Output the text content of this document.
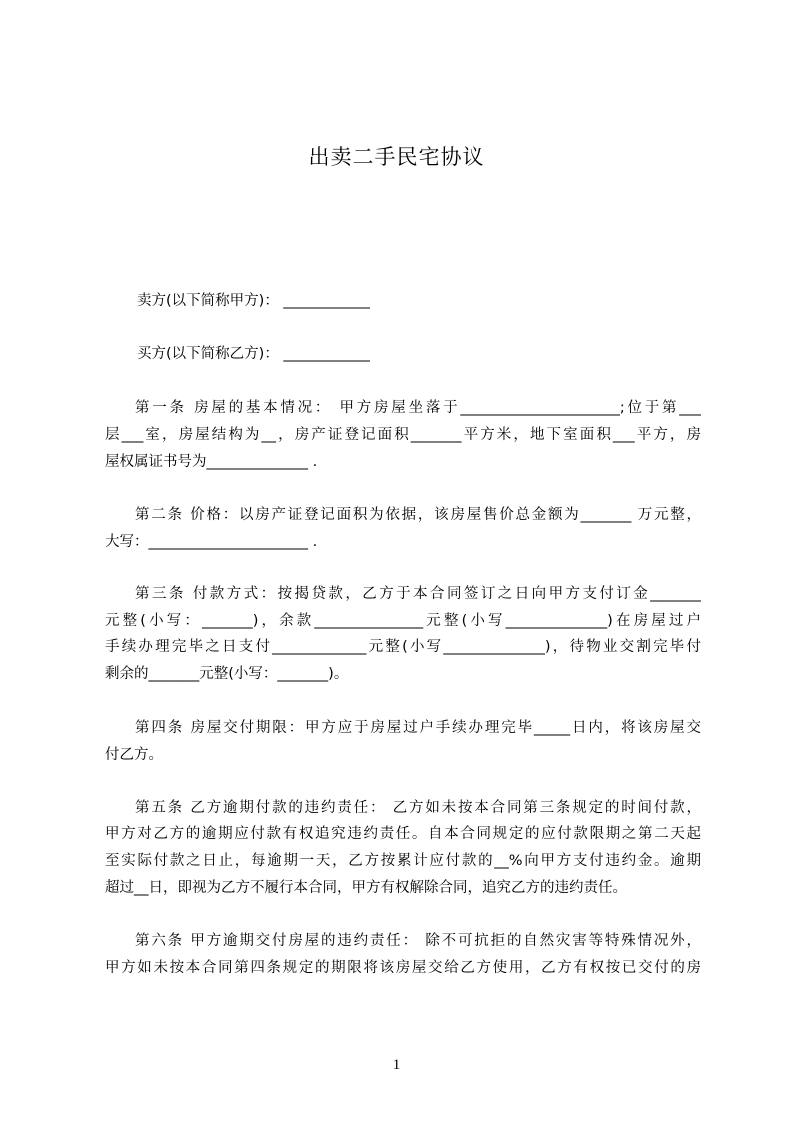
出卖二手民宅协议
卖方(以下简称甲方)： ____________
买方(以下简称乙方)： ____________
第一条 房屋的基本情况： 甲方房屋坐落于______________________;位于第___
层___室，房屋结构为__，房产证登记面积_______平方米，地下室面积___平方，房
屋权属证书号为______________ .
第二条 价格：以房产证登记面积为依据，该房屋售价总金额为_______ 万元整，
大写：______________________ .
第三条 付款方式：按揭贷款，乙方于本合同签订之日向甲方支付订金_______
元整(小写：_______)，余款_______________元整(小写______________)在房屋过户
手续办理完毕之日支付_____________元整(小写______________)，待物业交割完毕付
剩余的_______元整(小写：_______)。
第四条 房屋交付期限：甲方应于房屋过户手续办理完毕_____日内，将该房屋交
付乙方。
第五条 乙方逾期付款的违约责任： 乙方如未按本合同第三条规定的时间付款，
甲方对乙方的逾期应付款有权追究违约责任。自本合同规定的应付款限期之第二天起
至实际付款之日止，每逾期一天，乙方按累计应付款的__%向甲方支付违约金。逾期
超过__日，即视为乙方不履行本合同，甲方有权解除合同，追究乙方的违约责任。
第六条 甲方逾期交付房屋的违约责任： 除不可抗拒的自然灾害等特殊情况外，
甲方如未按本合同第四条规定的期限将该房屋交给乙方使用，乙方有权按已交付的房
1
